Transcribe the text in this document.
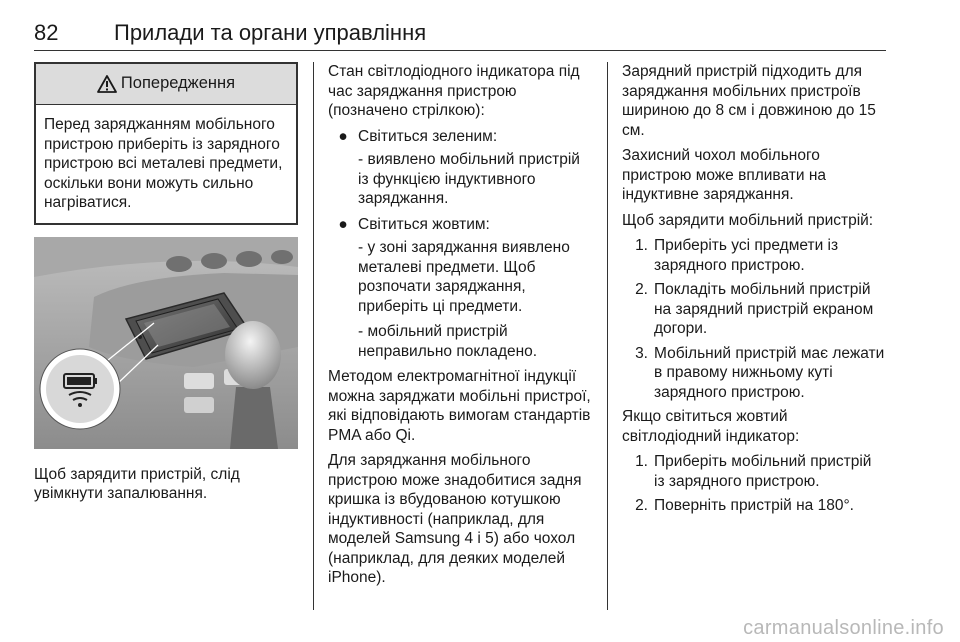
82	Прилади та органи управління
Попередження
Перед заряджанням мобільного пристрою приберіть із зарядного пристрою всі металеві предмети, оскільки вони можуть сильно нагріватися.

Щоб зарядити пристрій, слід увімкнути запалювання.

Стан світлодіодного індикатора під час заряджання пристрою (позначено стрілкою):

● Світиться зеленим:

- виявлено мобільний пристрій із функцією індуктивного заряджання.

● Світиться жовтим:

- у зоні заряджання виявлено металеві предмети. Щоб розпочати заряджання, приберіть ці предмети.

- мобільний пристрій неправильно покладено.

Методом електромагнітної індукції можна заряджати мобільні пристрої, які відповідають вимогам стандартів PMA або Qi.

Для заряджання мобільного пристрою може знадобитися задня кришка із вбудованою котушкою індуктивності (наприклад, для моделей Samsung 4 і 5) або чохол (наприклад, для деяких моделей iPhone).

Зарядний пристрій підходить для заряджання мобільних пристроїв шириною до 8 см і довжиною до 15 см.

Захисний чохол мобільного пристрою може впливати на індуктивне заряджання.

Щоб зарядити мобільний пристрій:

1. Приберіть усі предмети із зарядного пристрою.
2. Покладіть мобільний пристрій на зарядний пристрій екраном догори.
3. Мобільний пристрій має лежати в правому нижньому куті зарядного пристрою.

Якщо світиться жовтий світлодіодний індикатор:

1. Приберіть мобільний пристрій із зарядного пристрою.
2. Поверніть пристрій на 180°.
carmanualsonline.info
